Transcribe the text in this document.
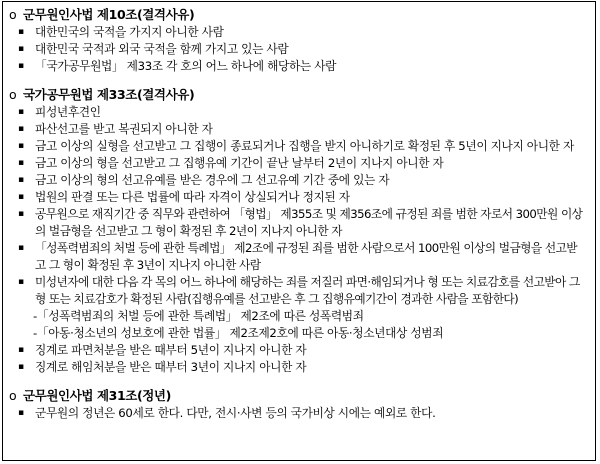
o 군무원인사법 제10조(결격사유)
▪ 대한민국의 국적을 가지지 아니한 사람
▪ 대한민국 국적과 외국 국적을 함께 가지고 있는 사람
▪ 「국가공무원법」 제33조 각 호의 어느 하나에 해당하는 사람
o 국가공무원법 제33조(결격사유)
▪ 피성년후견인
▪ 파산선고를 받고 복권되지 아니한 자
▪ 금고 이상의 실형을 선고받고 그 집행이 종료되거나 집행을 받지 아니하기로 확정된 후 5년이 지나지 아니한 자
▪ 금고 이상의 형을 선고받고 그 집행유예 기간이 끝난 날부터 2년이 지나지 아니한 자
▪ 금고 이상의 형의 선고유예를 받은 경우에 그 선고유예 기간 중에 있는 자
▪ 법원의 판결 또는 다른 법률에 따라 자격이 상실되거나 정지된 자
▪ 공무원으로 재직기간 중 직무와 관련하여 「형법」 제355조 및 제356조에 규정된 죄를 범한 자로서 300만원 이상의 벌금형을 선고받고 그 형이 확정된 후 2년이 지나지 아니한 자
▪ 「성폭력범죄의 처벌 등에 관한 특례법」 제2조에 규정된 죄를 범한 사람으로서 100만원 이상의 벌금형을 선고받고 그 형이 확정된 후 3년이 지나지 아니한 사람
▪ 미성년자에 대한 다음 각 목의 어느 하나에 해당하는 죄를 저질러 파면·해임되거나 형 또는 치료감호를 선고받아 그 형 또는 치료감호가 확정된 사람(집행유예를 선고받은 후 그 집행유예기간이 경과한 사람을 포함한다)
-「성폭력범죄의 처벌 등에 관한 특례법」 제2조에 따른 성폭력범죄
-「아동·청소년의 성보호에 관한 법률」 제2조제2호에 따른 아동·청소년대상 성범죄
▪ 징계로 파면처분을 받은 때부터 5년이 지나지 아니한 자
▪ 징계로 해임처분을 받은 때부터 3년이 지나지 아니한 자
o 군무원인사법 제31조(정년)
▪ 군무원의 정년은 60세로 한다. 다만, 전시·사변 등의 국가비상 시에는 예외로 한다.
